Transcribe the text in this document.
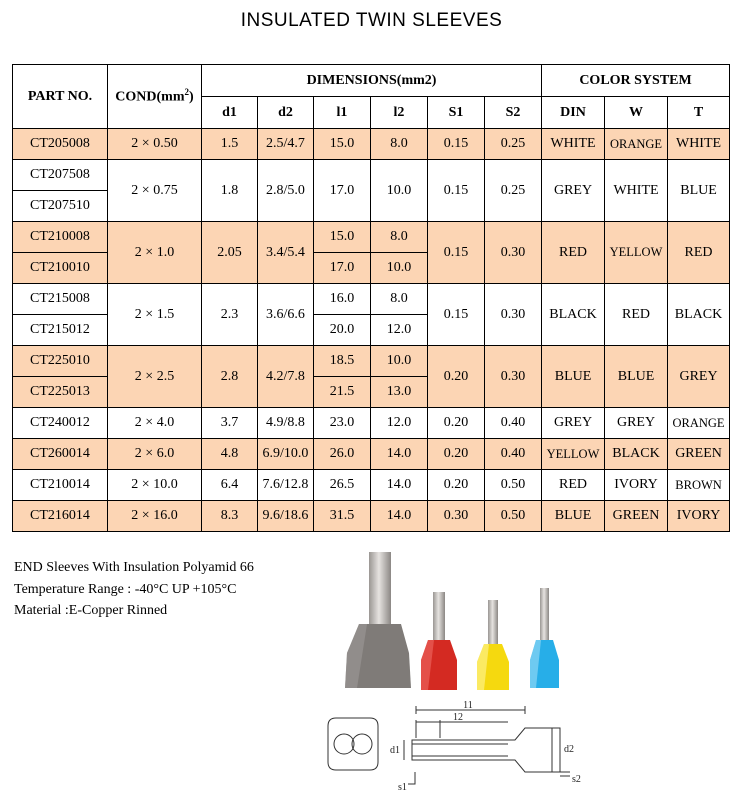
INSULATED TWIN SLEEVES
PART NO.	$COND(mm^2)$	DIMENSIONS(mm2)						COLOR SYSTEM		
		d1	d2	l1	l2	S1	S2	DIN	W	T
CT205008	2 × 0.50	1.5	2.5/4.7	15.0	8.0	0.15	0.25	WHITE	ORANGE	WHITE
CT207508	2 × 0.75	1.8	2.8/5.0	17.0	10.0	0.15	0.25	GREY	WHITE	BLUE
CT207510										
CT210008	2 × 1.0	2.05	3.4/5.4	15.0	8.0	0.15	0.30	RED	YELLOW	RED
CT210010				17.0	10.0					
CT215008	2 × 1.5	2.3	3.6/6.6	16.0	8.0	0.15	0.30	BLACK	RED	BLACK
CT215012				20.0	12.0					
CT225010	2 × 2.5	2.8	4.2/7.8	18.5	10.0	0.20	0.30	BLUE	BLUE	GREY
CT225013				21.5	13.0					
CT240012	2 × 4.0	3.7	4.9/8.8	23.0	12.0	0.20	0.40	GREY	GREY	ORANGE
CT260014	2 × 6.0	4.8	6.9/10.0	26.0	14.0	0.20	0.40	YELLOW	BLACK	GREEN
CT210014	2 × 10.0	6.4	7.6/12.8	26.5	14.0	0.20	0.50	RED	IVORY	BROWN
CT216014	2 × 16.0	8.3	9.6/18.6	31.5	14.0	0.30	0.50	BLUE	GREEN	IVORY
END Sleeves With Insulation Polyamid 66
Temperature Range : -40°C UP +105°C
Material :E-Copper Rinned
11
12
d1	d2
s1
s2
